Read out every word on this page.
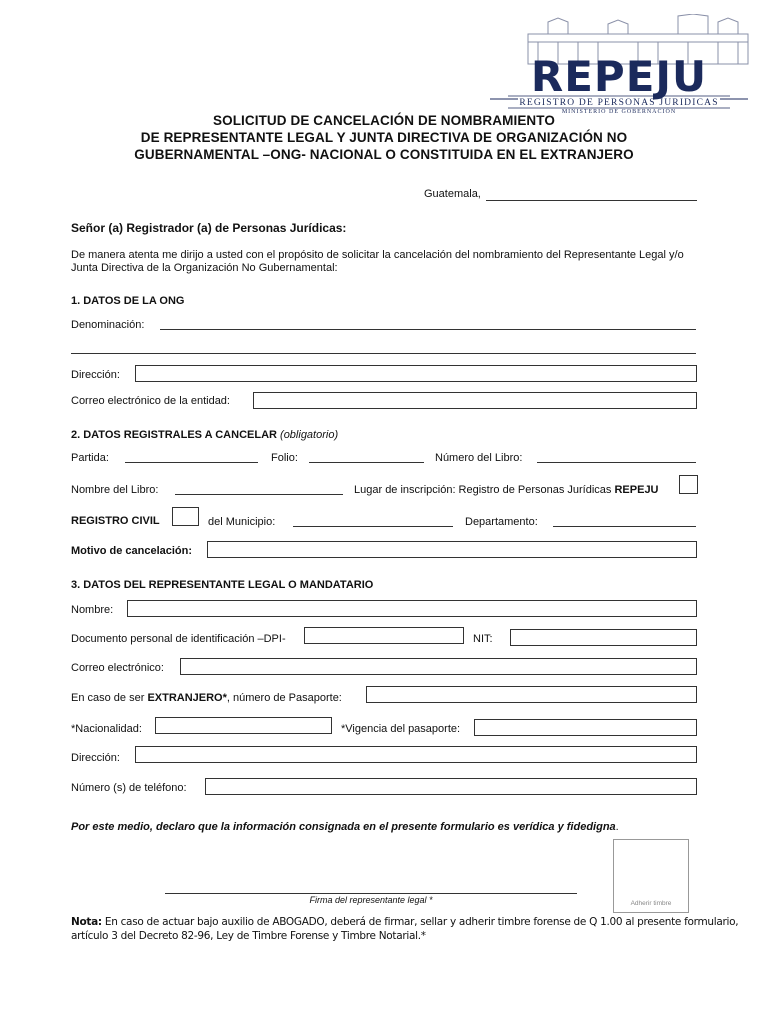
REPEJU
REGISTRO DE PERSONAS JURIDICAS
MINISTERIO DE GOBERNACIÓN
SOLICITUD DE CANCELACIÓN DE NOMBRAMIENTO
DE REPRESENTANTE LEGAL Y JUNTA DIRECTIVA DE ORGANIZACIÓN NO
GUBERNAMENTAL –ONG- NACIONAL O CONSTITUIDA EN EL EXTRANJERO
Guatemala,
Señor (a) Registrador (a) de Personas Jurídicas:
De manera atenta me dirijo a usted con el propósito de solicitar la cancelación del nombramiento del Representante Legal y/o
Junta Directiva de la Organización No Gubernamental:
1. DATOS DE LA ONG
Denominación:
Dirección:
Correo electrónico de la entidad:
2. DATOS REGISTRALES A CANCELAR (obligatorio)
Partida:	Folio:	Número del Libro:
Nombre del Libro:	Lugar de inscripción: Registro de Personas Jurídicas REPEJU
REGISTRO CIVIL	del Municipio:	Departamento:
Motivo de cancelación:
3. DATOS DEL REPRESENTANTE LEGAL O MANDATARIO
Nombre:
Documento personal de identificación –DPI-	NIT:
Correo electrónico:
En caso de ser EXTRANJERO*, número de Pasaporte:
*Nacionalidad:	*Vigencia del pasaporte:
Dirección:
Número (s) de teléfono:
Por este medio, declaro que la información consignada en el presente formulario es verídica y fidedigna.
Firma del representante legal *	Adherir timbre
Nota: En caso de actuar bajo auxilio de ABOGADO, deberá de firmar, sellar y adherir timbre forense de Q 1.00 al presente formulario,
artículo 3 del Decreto 82-96, Ley de Timbre Forense y Timbre Notarial.*
